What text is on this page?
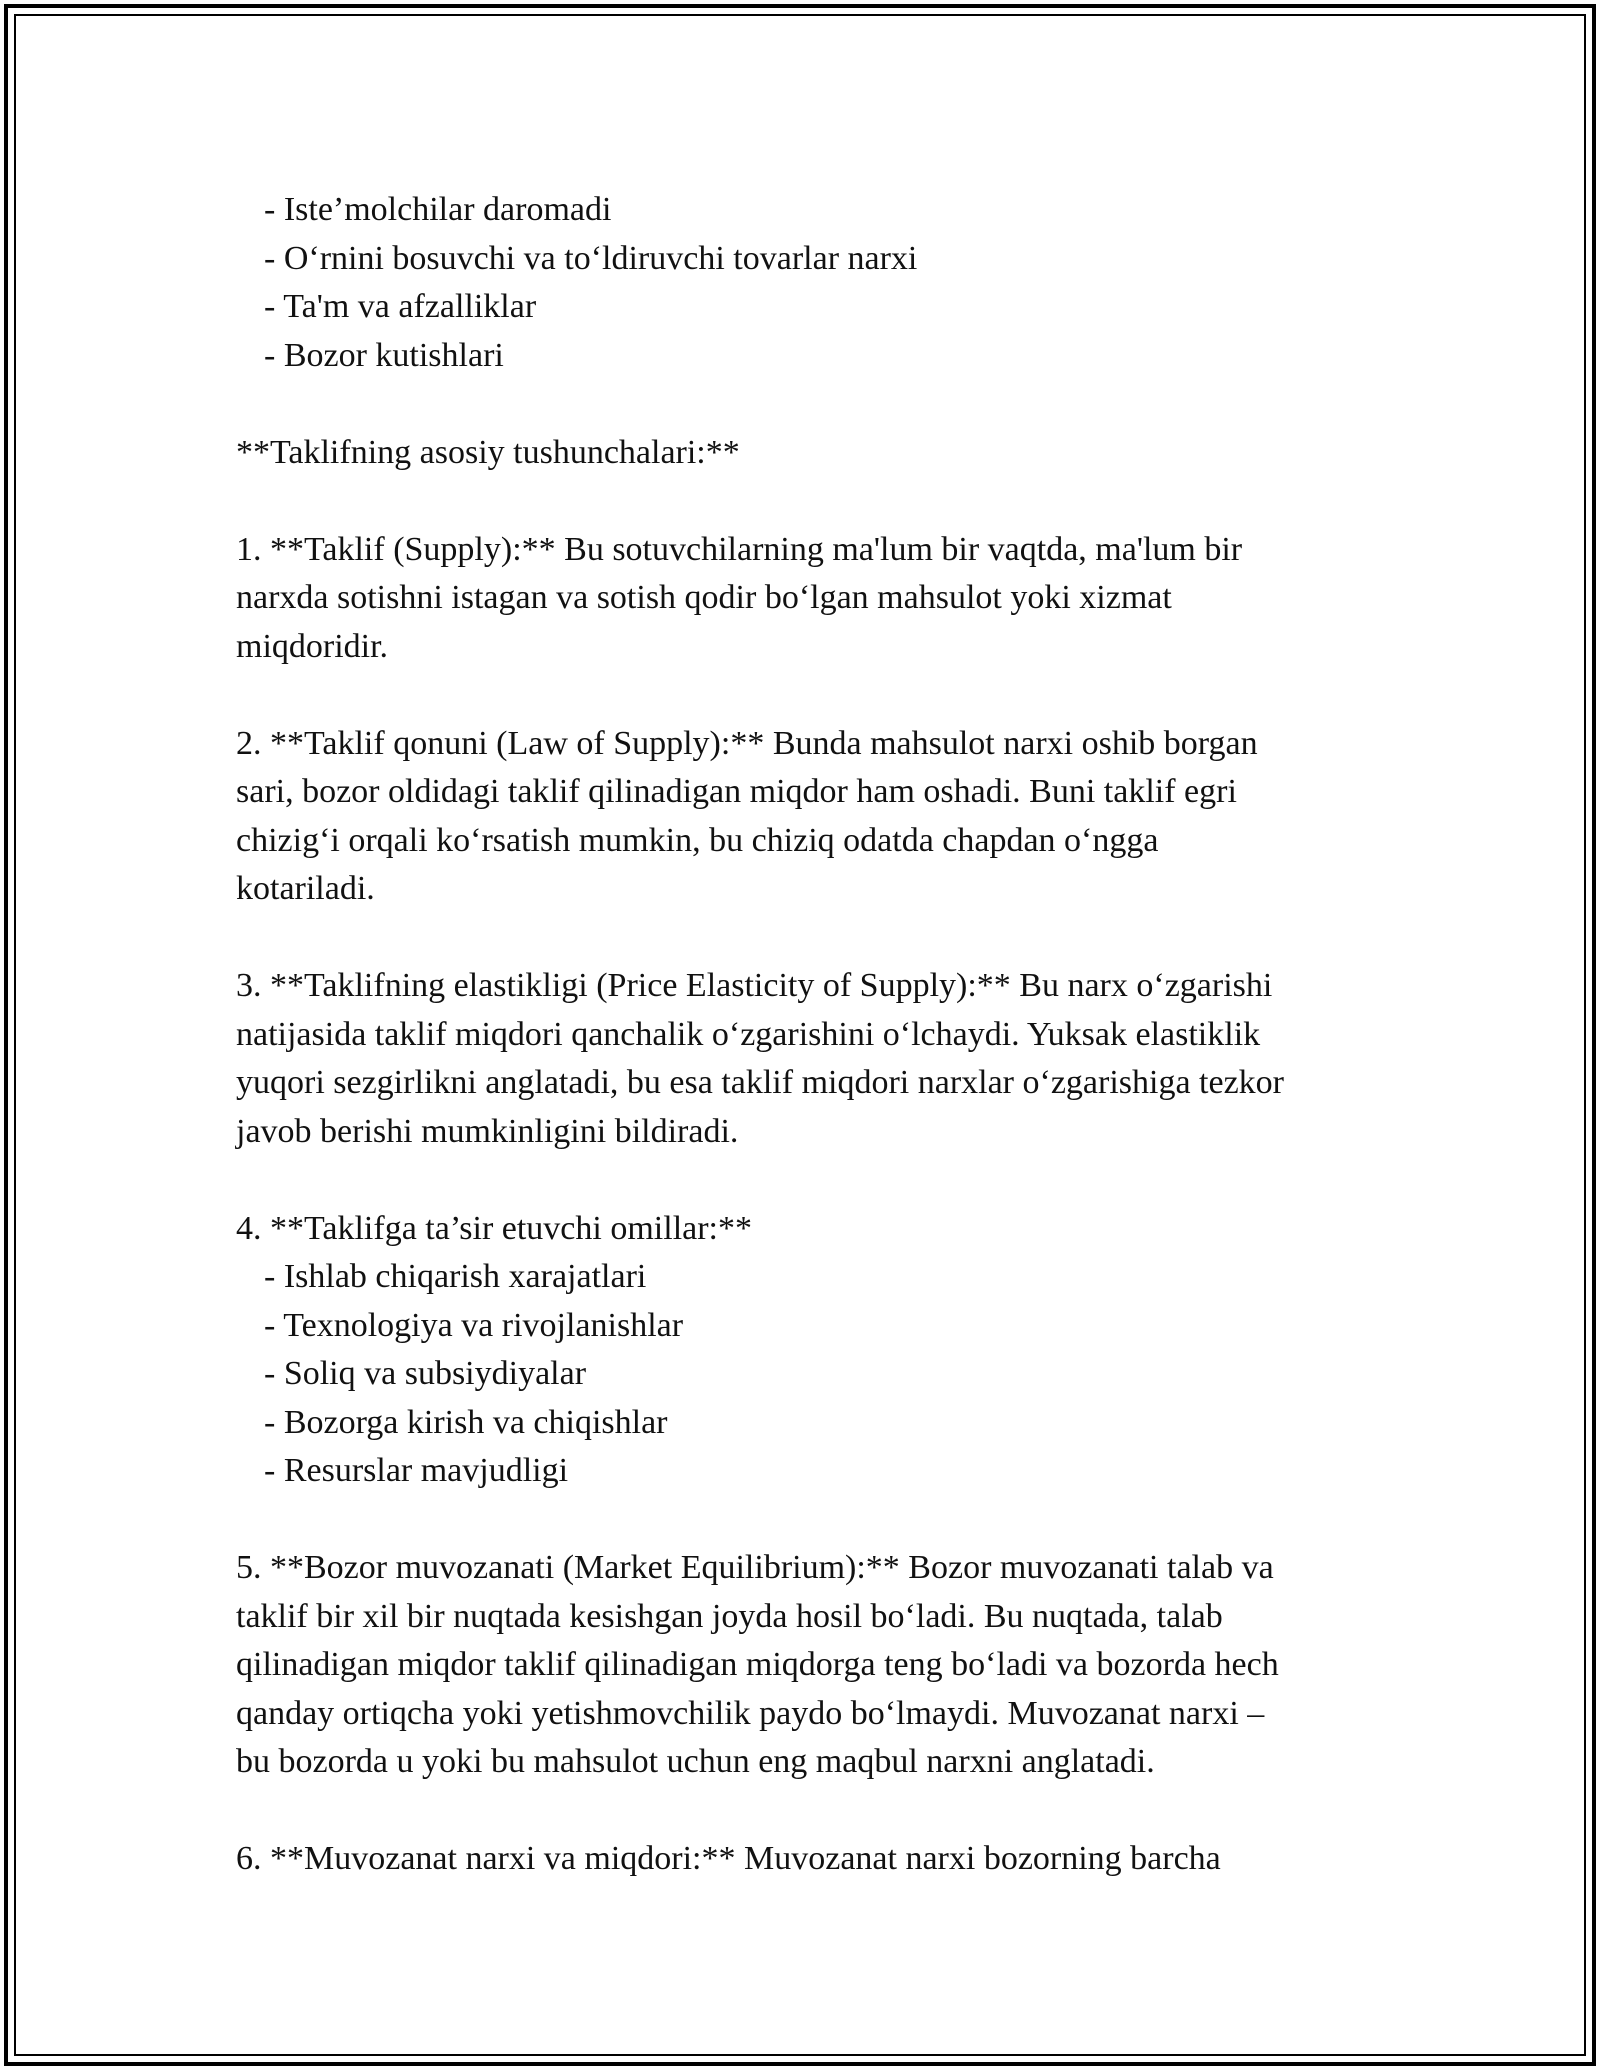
- Iste’molchilar daromadi
- O‘rnini bosuvchi va to‘ldiruvchi tovarlar narxi
- Ta'm va afzalliklar
- Bozor kutishlari
**Taklifning asosiy tushunchalari:**
1. **Taklif (Supply):** Bu sotuvchilarning ma'lum bir vaqtda, ma'lum bir
narxda sotishni istagan va sotish qodir bo‘lgan mahsulot yoki xizmat
miqdoridir.
2. **Taklif qonuni (Law of Supply):** Bunda mahsulot narxi oshib borgan
sari, bozor oldidagi taklif qilinadigan miqdor ham oshadi. Buni taklif egri
chizig‘i orqali ko‘rsatish mumkin, bu chiziq odatda chapdan o‘ngga
kotariladi.
3. **Taklifning elastikligi (Price Elasticity of Supply):** Bu narx o‘zgarishi
natijasida taklif miqdori qanchalik o‘zgarishini o‘lchaydi. Yuksak elastiklik
yuqori sezgirlikni anglatadi, bu esa taklif miqdori narxlar o‘zgarishiga tezkor
javob berishi mumkinligini bildiradi.
4. **Taklifga ta’sir etuvchi omillar:**
- Ishlab chiqarish xarajatlari
- Texnologiya va rivojlanishlar
- Soliq va subsiydiyalar
- Bozorga kirish va chiqishlar
- Resurslar mavjudligi
5. **Bozor muvozanati (Market Equilibrium):** Bozor muvozanati talab va
taklif bir xil bir nuqtada kesishgan joyda hosil bo‘ladi. Bu nuqtada, talab
qilinadigan miqdor taklif qilinadigan miqdorga teng bo‘ladi va bozorda hech
qanday ortiqcha yoki yetishmovchilik paydo bo‘lmaydi. Muvozanat narxi –
bu bozorda u yoki bu mahsulot uchun eng maqbul narxni anglatadi.
6. **Muvozanat narxi va miqdori:** Muvozanat narxi bozorning barcha
